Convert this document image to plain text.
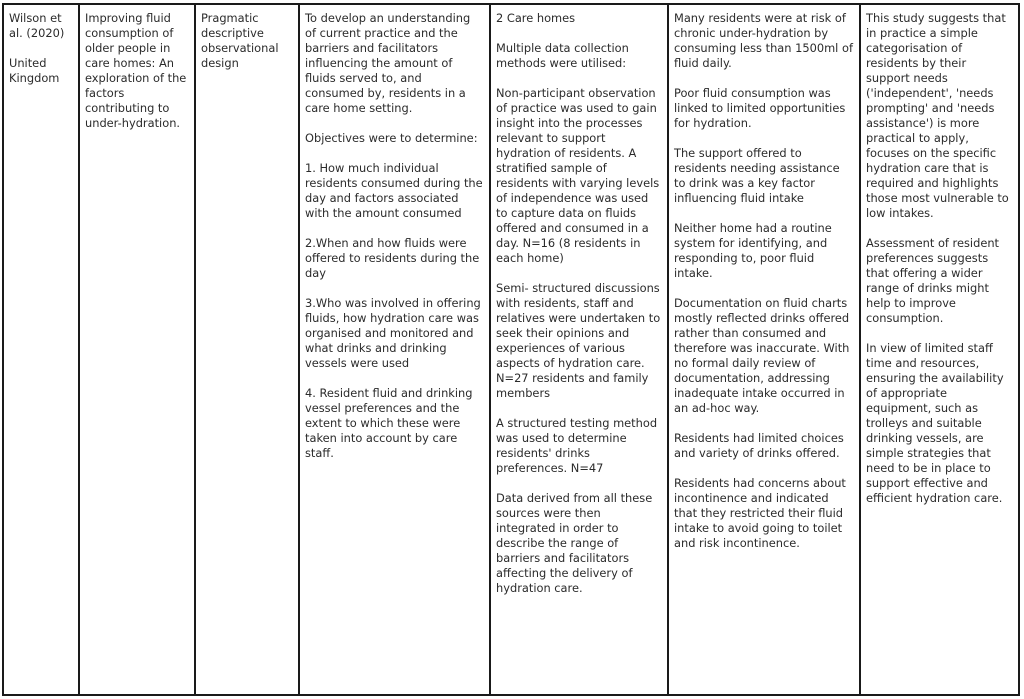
Wilson et al. (2020)

United Kingdom

Improving fluid consumption of older people in care homes: An exploration of the factors contributing to under-hydration.

Pragmatic descriptive observational design

To develop an understanding of current practice and the barriers and facilitators influencing the amount of fluids served to, and consumed by, residents in a care home setting.

Objectives were to determine:

1. How much individual residents consumed during the day and factors associated with the amount consumed

2.When and how fluids were offered to residents during the day

3.Who was involved in offering fluids, how hydration care was organised and monitored and what drinks and drinking vessels were used

4. Resident fluid and drinking vessel preferences and the extent to which these were taken into account by care staff.

2 Care homes

Multiple data collection methods were utilised:

Non-participant observation of practice was used to gain insight into the processes relevant to support hydration of residents. A stratified sample of residents with varying levels of independence was used to capture data on fluids offered and consumed in a day. N=16 (8 residents in each home)

Semi- structured discussions with residents, staff and relatives were undertaken to seek their opinions and experiences of various aspects of hydration care. N=27 residents and family members

A structured testing method was used to determine residents' drinks preferences. N=47

Data derived from all these sources were then integrated in order to describe the range of barriers and facilitators affecting the delivery of hydration care.

Many residents were at risk of chronic under-hydration by consuming less than 1500ml of fluid daily.

Poor fluid consumption was linked to limited opportunities for hydration.

The support offered to residents needing assistance to drink was a key factor influencing fluid intake

Neither home had a routine system for identifying, and responding to, poor fluid intake.

Documentation on fluid charts mostly reflected drinks offered rather than consumed and therefore was inaccurate. With no formal daily review of documentation, addressing inadequate intake occurred in an ad-hoc way.

Residents had limited choices and variety of drinks offered.

Residents had concerns about incontinence and indicated that they restricted their fluid intake to avoid going to toilet and risk incontinence.

This study suggests that in practice a simple categorisation of residents by their support needs ('independent', 'needs prompting' and 'needs assistance') is more practical to apply, focuses on the specific hydration care that is required and highlights those most vulnerable to low intakes.

Assessment of resident preferences suggests that offering a wider range of drinks might help to improve consumption.

In view of limited staff time and resources, ensuring the availability of appropriate equipment, such as trolleys and suitable drinking vessels, are simple strategies that need to be in place to support effective and efficient hydration care.
